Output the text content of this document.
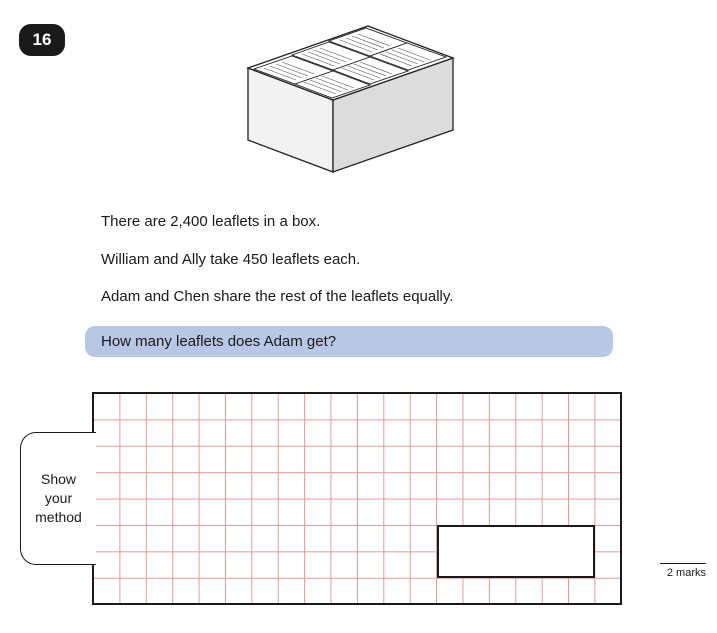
16
There are 2,400 leaflets in a box.
William and Ally take 450 leaflets each.
Adam and Chen share the rest of the leaflets equally.
How many leaflets does Adam get?
Show
your
method
2 marks
